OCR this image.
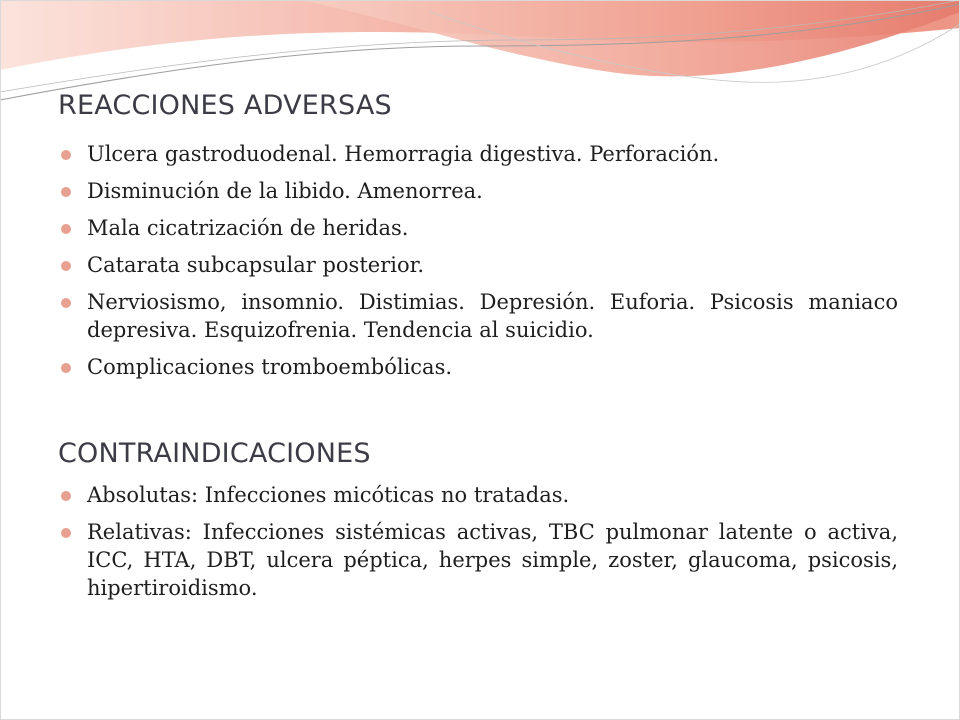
REACCIONES ADVERSAS
Ulcera gastroduodenal. Hemorragia digestiva. Perforación.
Disminución de la libido. Amenorrea.
Mala cicatrización de heridas.
Catarata subcapsular posterior.
Nerviosismo, insomnio. Distimias. Depresión. Euforia. Psicosis maniaco depresiva. Esquizofrenia. Tendencia al suicidio.
Complicaciones tromboembólicas.
CONTRAINDICACIONES
Absolutas: Infecciones micóticas no tratadas.
Relativas: Infecciones sistémicas activas, TBC pulmonar latente o activa, ICC, HTA, DBT, ulcera péptica, herpes simple, zoster, glaucoma, psicosis, hipertiroidismo.
